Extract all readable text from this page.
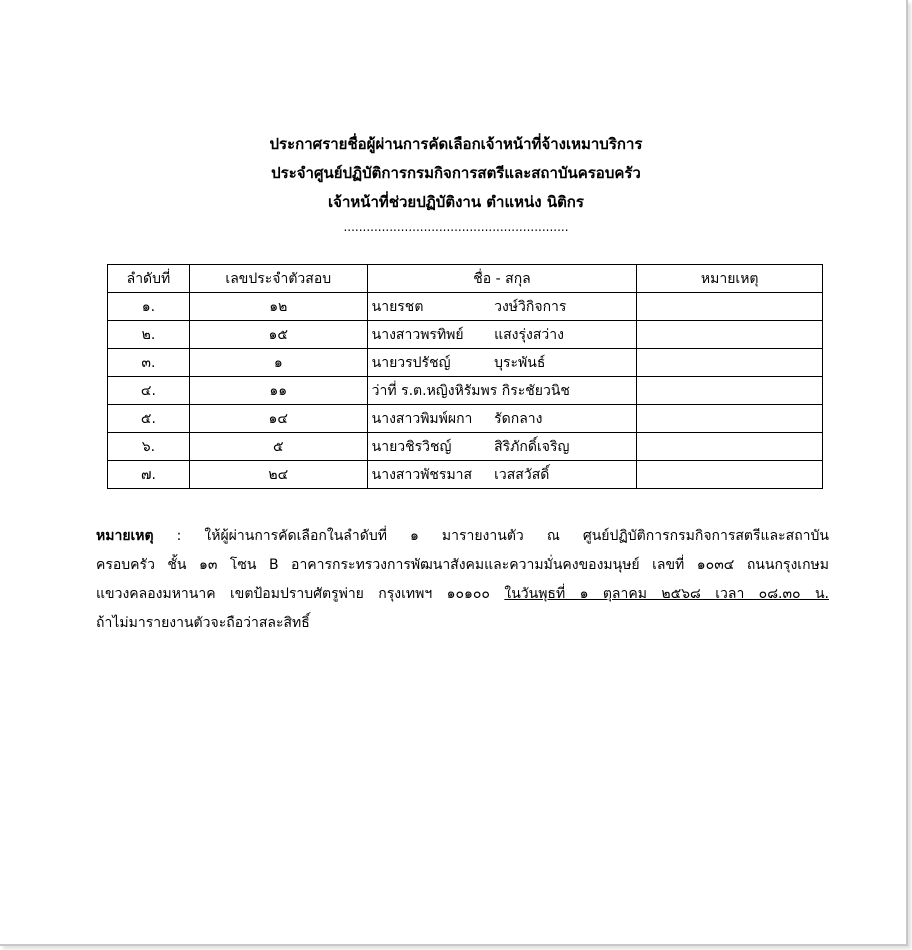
ประกาศรายชื่อผู้ผ่านการคัดเลือกเจ้าหน้าที่จ้างเหมาบริการ
ประจำศูนย์ปฏิบัติการกรมกิจการสตรีและสถาบันครอบครัว
เจ้าหน้าที่ช่วยปฏิบัติงาน ตำแหน่ง นิติกร
...........................................................
ลำดับที่	เลขประจำตัวสอบ	ชื่อ - สกุล	หมายเหตุ
๑.	๑๒	นายรชต วงษ์วิกิจการ	
๒.	๑๕	นางสาวพรทิพย์ แสงรุ่งสว่าง	
๓.	๑	นายวรปรัชญ์ บุระพันธ์	
๔.	๑๑	ว่าที่ ร.ต.หญิงหิรัมพร กิระชัยวนิช	
๕.	๑๔	นางสาวพิมพ์ผกา รัดกลาง	
๖.	๕	นายวชิรวิชญ์ สิริภักดิ์เจริญ	
๗.	๒๔	นางสาวพัชรมาส เวสสวัสดิ์	
หมายเหตุ : ให้ผู้ผ่านการคัดเลือกในลำดับที่ ๑ มารายงานตัว ณ ศูนย์ปฏิบัติการกรมกิจการสตรีและสถาบัน
ครอบครัว ชั้น ๑๓ โซน B อาคารกระทรวงการพัฒนาสังคมและความมั่นคงของมนุษย์ เลขที่ ๑๐๓๔ ถนนกรุงเกษม
แขวงคลองมหานาค เขตป้อมปราบศัตรูพ่าย กรุงเทพฯ ๑๐๑๐๐ ในวันพุธที่ ๑ ตุลาคม ๒๕๖๘ เวลา ๐๘.๓๐ น.
ถ้าไม่มารายงานตัวจะถือว่าสละสิทธิ์
